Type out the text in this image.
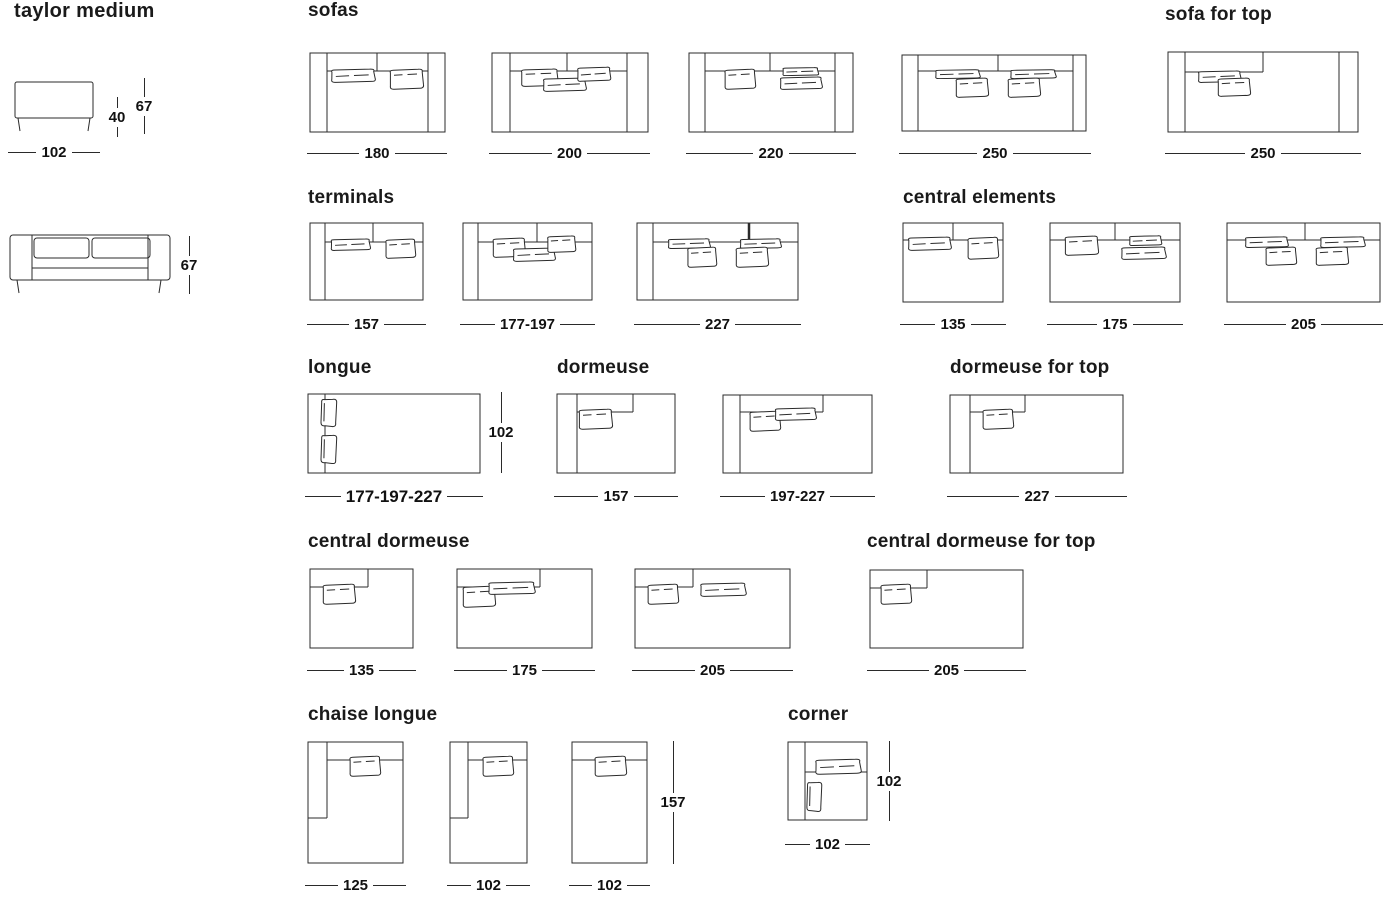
taylor medium	sofas	sofa for top
terminals	central elements
longue	dormeuse	dormeuse for top
central dormeuse	central dormeuse for top
chaise longue	corner
102
40
67
67
180	200	220	250	250
157	177-197	227	135	175	205
177-197-227
102
157	197-227	227
135	175	205	205
157
125	102	102
102
102
